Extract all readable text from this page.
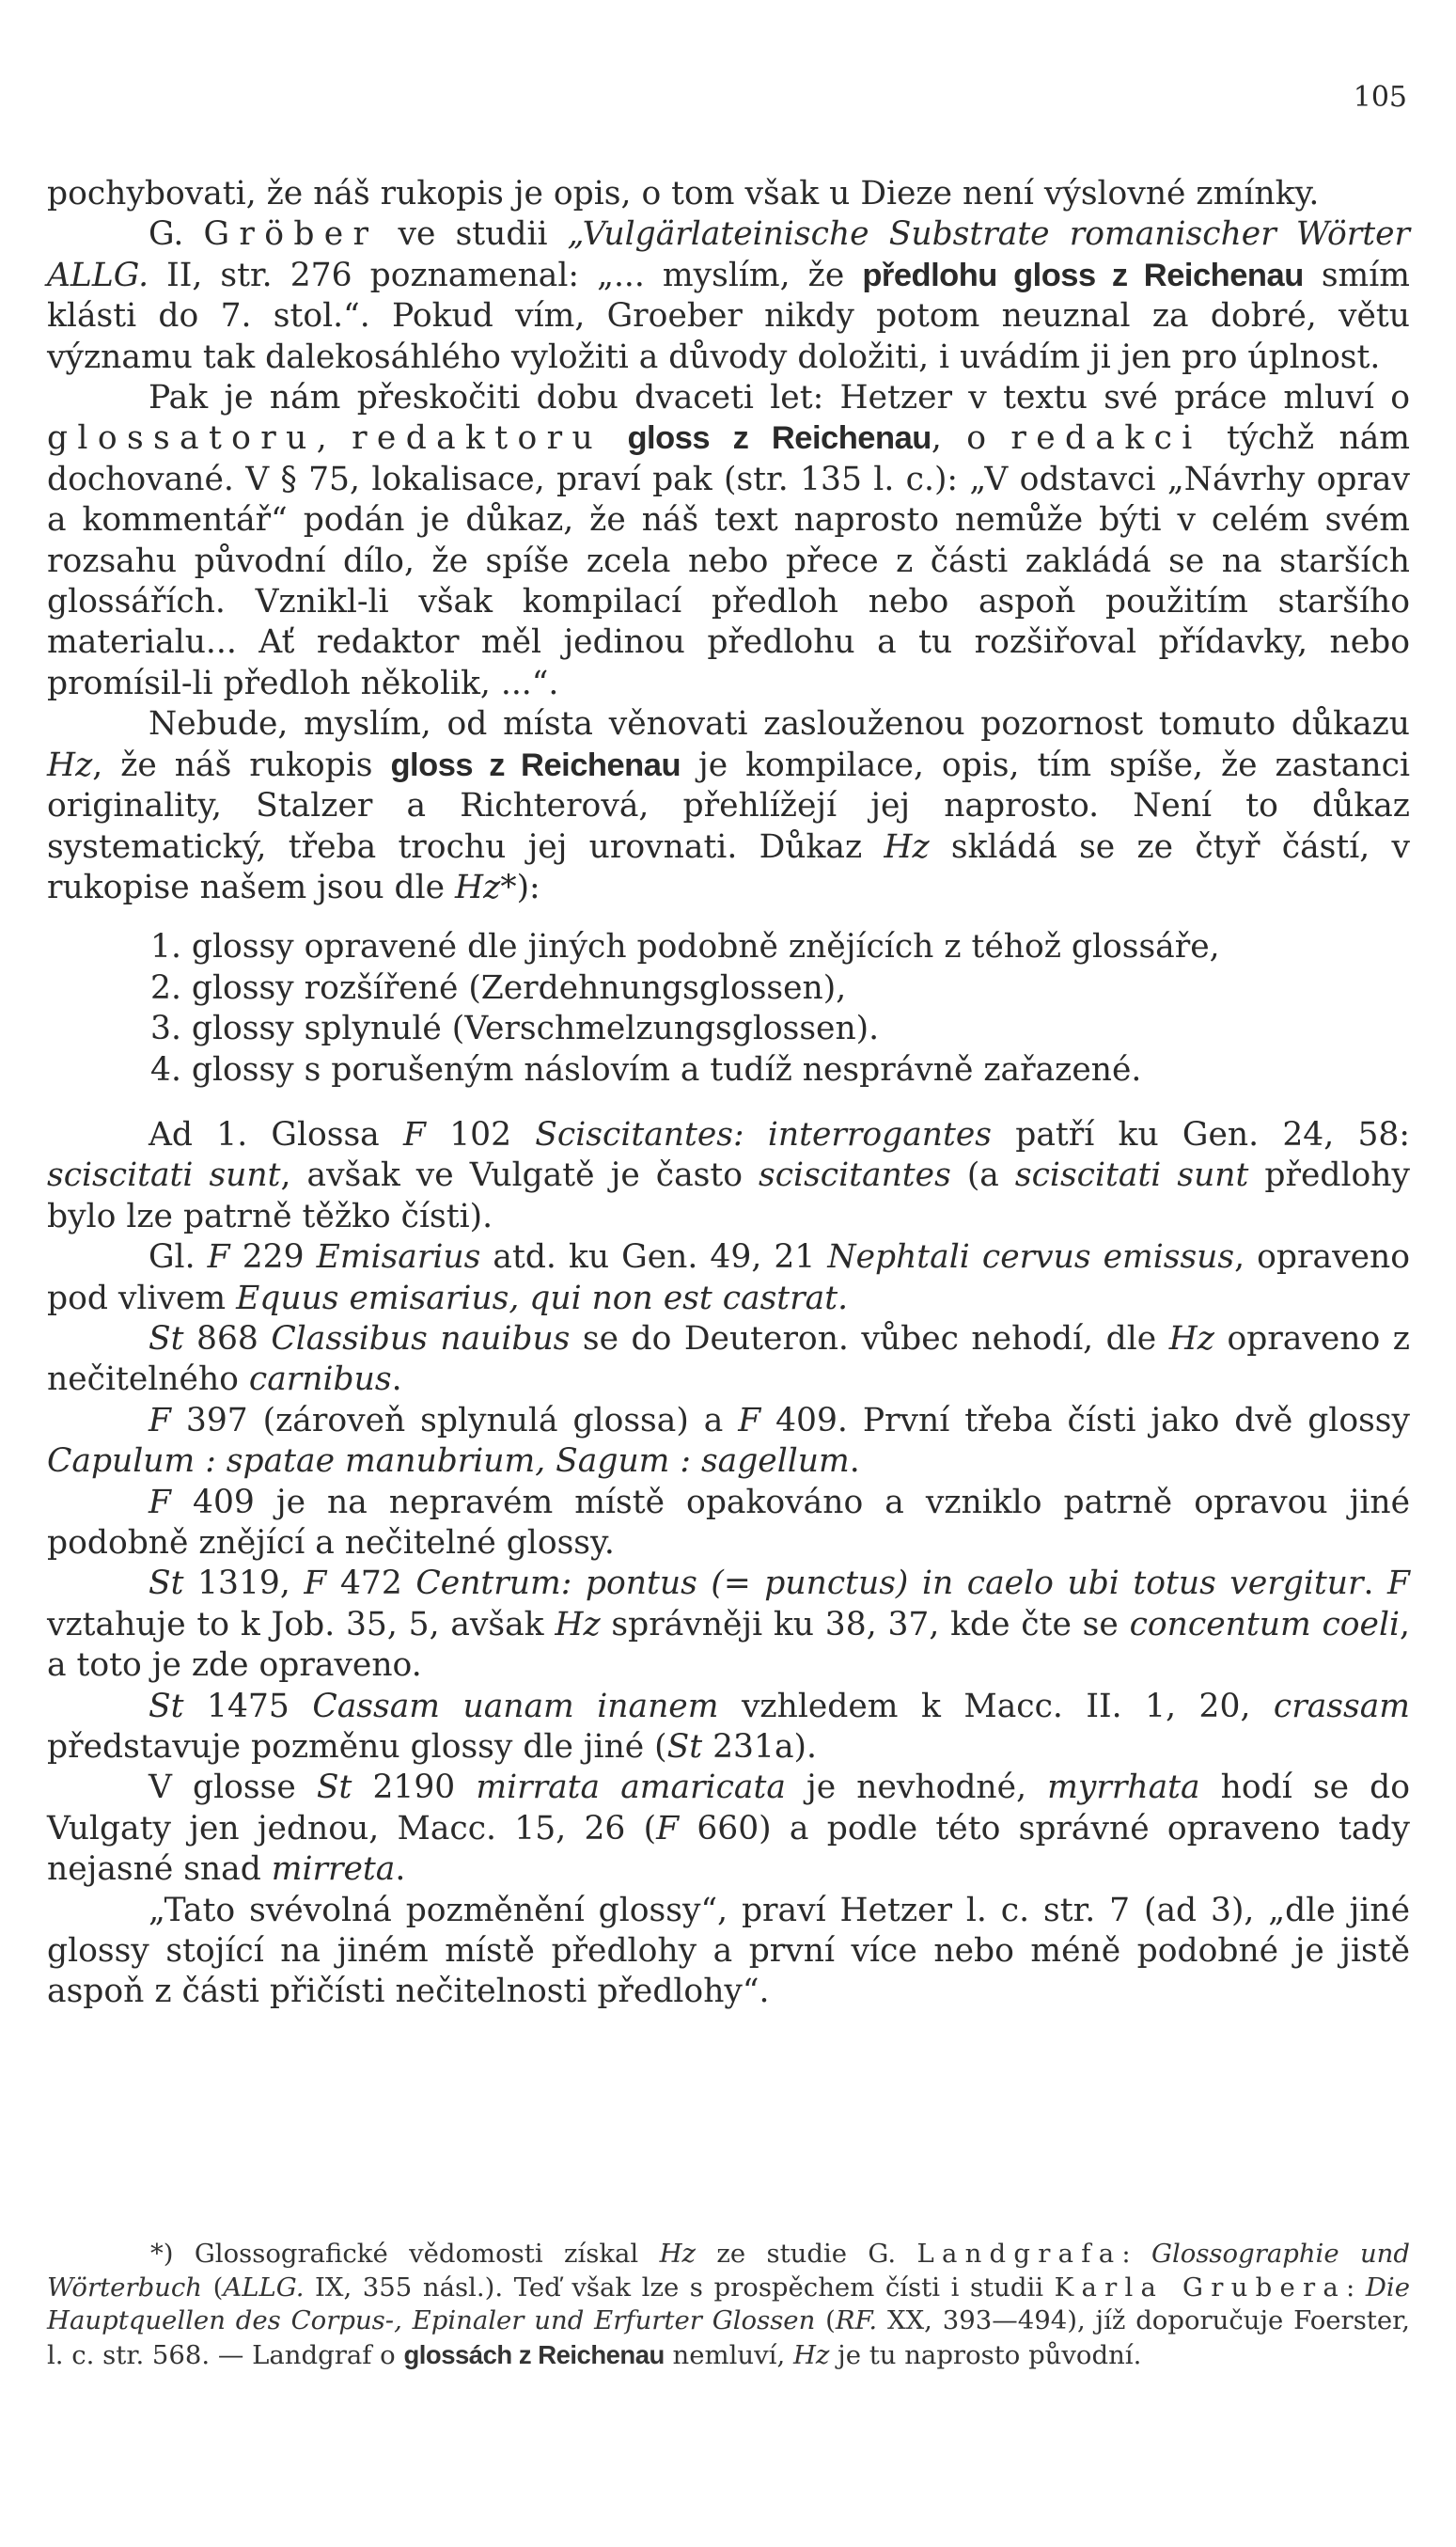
105

pochybovati, že náš rukopis je opis, o tom však u Dieze není výslovné zmínky.

G. Gröber ve studii „Vulgärlateinische Substrate romanischer Wörter ALLG. II, str. 276 poznamenal: „... myslím, že předlohu gloss z Reichenau smím klásti do 7. stol.“. Pokud vím, Groeber nikdy potom neuznal za dobré, větu významu tak dalekosáhlého vyložiti a důvody doložiti, i uvádím ji jen pro úplnost.

Pak je nám přeskočiti dobu dvaceti let: Hetzer v textu své práce mluví o glossatoru, redaktoru gloss z Reichenau, o redakci týchž nám dochované. V § 75, lokalisace, praví pak (str. 135 l. c.): „V odstavci „Návrhy oprav a kommentář“ podán je důkaz, že náš text naprosto nemůže býti v celém svém rozsahu původní dílo, že spíše zcela nebo přece z části zakládá se na starších glossářích. Vznikl-li však kompilací předloh nebo aspoň použitím staršího materialu... Ať redaktor měl jedinou předlohu a tu rozšiřoval přídavky, nebo promísil-li předloh několik, ...“.

Nebude, myslím, od místa věnovati zaslouženou pozornost tomuto důkazu Hz, že náš rukopis gloss z Reichenau je kompilace, opis, tím spíše, že zastanci originality, Stalzer a Richterová, přehlížejí jej naprosto. Není to důkaz systematický, třeba trochu jej urovnati. Důkaz Hz skládá se ze čtyř částí, v rukopise našem jsou dle Hz*):

1. glossy opravené dle jiných podobně znějících z téhož glossáře,
2. glossy rozšířené (Zerdehnungsglossen),
3. glossy splynulé (Verschmelzungsglossen).
4. glossy s porušeným náslovím a tudíž nesprávně zařazené.

Ad 1. Glossa F 102 Sciscitantes: interrogantes patří ku Gen. 24, 58: sciscitati sunt, avšak ve Vulgatě je často sciscitantes (a sciscitati sunt předlohy bylo lze patrně těžko čísti).

Gl. F 229 Emisarius atd. ku Gen. 49, 21 Nephtali cervus emissus, opraveno pod vlivem Equus emisarius, qui non est castrat.

St 868 Classibus nauibus se do Deuteron. vůbec nehodí, dle Hz opraveno z nečitelného carnibus.

F 397 (zároveň splynulá glossa) a F 409. První třeba čísti jako dvě glossy Capulum : spatae manubrium, Sagum : sagellum.

F 409 je na nepravém místě opakováno a vzniklo patrně opravou jiné podobně znějící a nečitelné glossy.

St 1319, F 472 Centrum: pontus (= punctus) in caelo ubi totus vergitur. F vztahuje to k Job. 35, 5, avšak Hz správněji ku 38, 37, kde čte se concentum coeli, a toto je zde opraveno.

St 1475 Cassam uanam inanem vzhledem k Macc. II. 1, 20, crassam představuje pozměnu glossy dle jiné (St 231a).

V glosse St 2190 mirrata amaricata je nevhodné, myrrhata hodí se do Vulgaty jen jednou, Macc. 15, 26 (F 660) a podle této správné opraveno tady nejasné snad mirreta.

„Tato svévolná pozměnění glossy“, praví Hetzer l. c. str. 7 (ad 3), „dle jiné glossy stojící na jiném místě předlohy a první více nebo méně podobné je jistě aspoň z části přičísti nečitelnosti předlohy“.

*) Glossografické vědomosti získal Hz ze studie G. Landgrafa: Glossographie und Wörterbuch (ALLG. IX, 355 násl.). Teď však lze s prospěchem čísti i studii Karla Grubera: Die Hauptquellen des Corpus-, Epinaler und Erfurter Glossen (RF. XX, 393—494), jíž doporučuje Foerster, l. c. str. 568. — Landgraf o glossách z Reichenau nemluví, Hz je tu naprosto původní.
